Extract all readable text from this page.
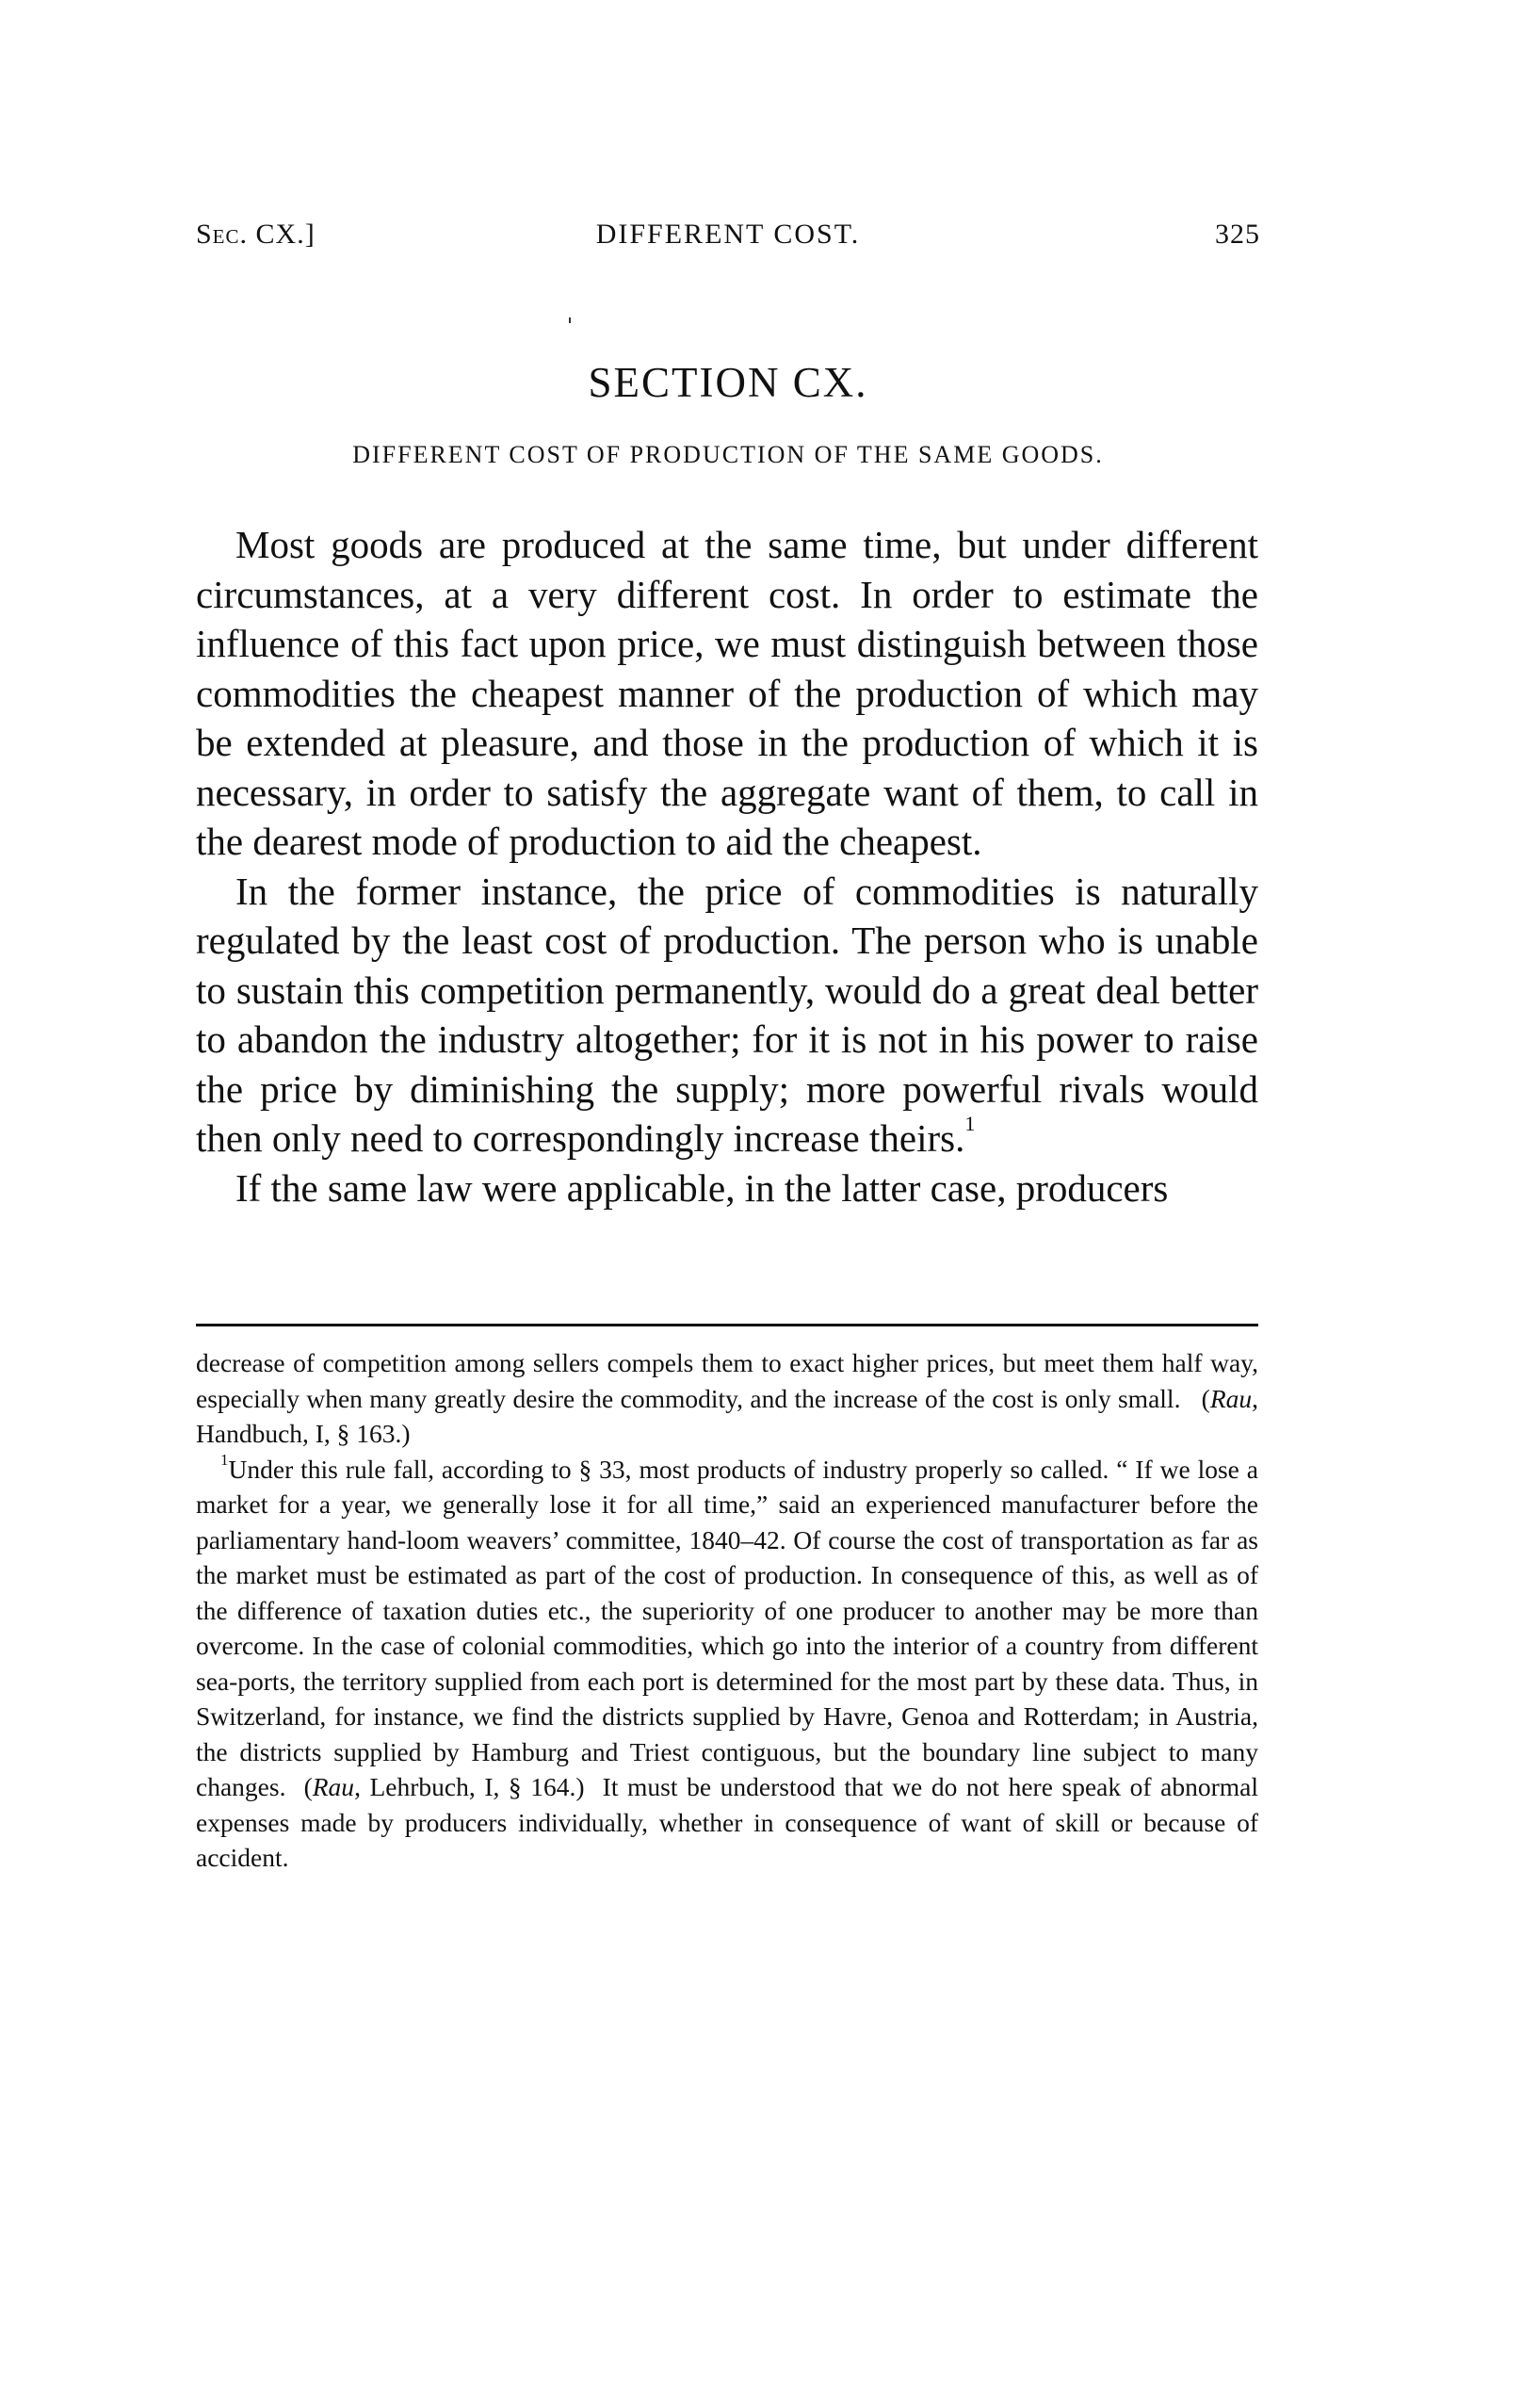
Sec. CX.]	DIFFERENT COST.	325
SECTION CX.
DIFFERENT COST OF PRODUCTION OF THE SAME GOODS.

Most goods are produced at the same time, but under different circumstances, at a very different cost. In order to estimate the influence of this fact upon price, we must distinguish between those commodities the cheapest manner of the production of which may be extended at pleasure, and those in the production of which it is necessary, in order to satisfy the aggregate want of them, to call in the dearest mode of production to aid the cheapest.

In the former instance, the price of commodities is naturally regulated by the least cost of production. The person who is unable to sustain this competition permanently, would do a great deal better to abandon the industry altogether; for it is not in his power to raise the price by diminishing the supply; more powerful rivals would then only need to correspondingly increase theirs.$^1$

If the same law were applicable, in the latter case, producers

decrease of competition among sellers compels them to exact higher prices, but meet them half way, especially when many greatly desire the commodity, and the increase of the cost is only small.   (Rau, Handbuch, I, § 163.)

$^1$Under this rule fall, according to § 33, most products of industry properly so called. “ If we lose a market for a year, we generally lose it for all time,” said an experienced manufacturer before the parliamentary hand-loom weavers’ committee, 1840–42. Of course the cost of transportation as far as the market must be estimated as part of the cost of production. In consequence of this, as well as of the difference of taxation duties etc., the superiority of one producer to another may be more than overcome. In the case of colonial commodities, which go into the interior of a country from different sea-ports, the territory supplied from each port is determined for the most part by these data. Thus, in Switzerland, for instance, we find the districts supplied by Havre, Genoa and Rotterdam; in Austria, the districts supplied by Hamburg and Triest contiguous, but the boundary line subject to many changes.  (Rau, Lehrbuch, I, § 164.) It must be understood that we do not here speak of abnormal expenses made by producers individually, whether in consequence of want of skill or because of accident.
